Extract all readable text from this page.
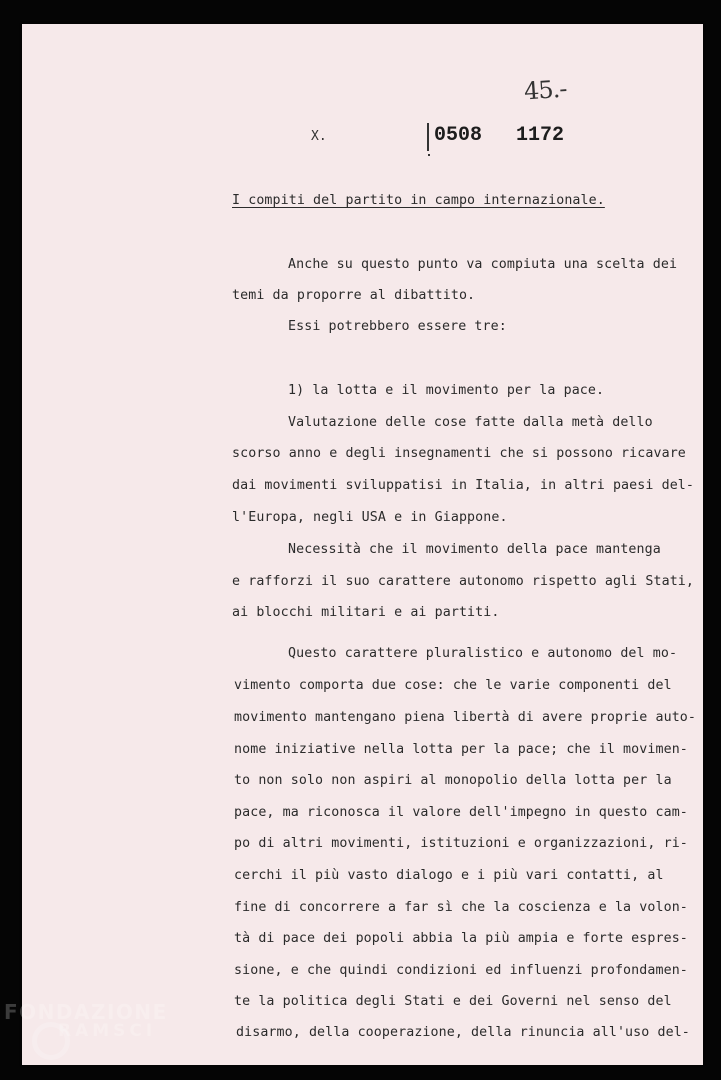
45.-
X.	0508 1172
I compiti del partito in campo internazionale.
Anche su questo punto va compiuta una scelta dei
temi da proporre al dibattito.
Essi potrebbero essere tre:
1) la lotta e il movimento per la pace.
Valutazione delle cose fatte dalla metà dello
scorso anno e degli insegnamenti che si possono ricavare
dai movimenti sviluppatisi in Italia, in altri paesi del-
l'Europa, negli USA e in Giappone.
Necessità che il movimento della pace mantenga
e rafforzi il suo carattere autonomo rispetto agli Stati,
ai blocchi militari e ai partiti.
Questo carattere pluralistico e autonomo del mo-
vimento comporta due cose: che le varie componenti del
movimento mantengano piena libertà di avere proprie auto-
nome iniziative nella lotta per la pace; che il movimen-
to non solo non aspiri al monopolio della lotta per la
pace, ma riconosca il valore dell'impegno in questo cam-
po di altri movimenti, istituzioni e organizzazioni, ri-
cerchi il più vasto dialogo e i più vari contatti, al
fine di concorrere a far sì che la coscienza e la volon-
tà di pace dei popoli abbia la più ampia e forte espres-
sione, e che quindi condizioni ed influenzi profondamen-
te la politica degli Stati e dei Governi nel senso del
disarmo, della cooperazione, della rinuncia all'uso del-
FONDAZIONE
RAMSCI
